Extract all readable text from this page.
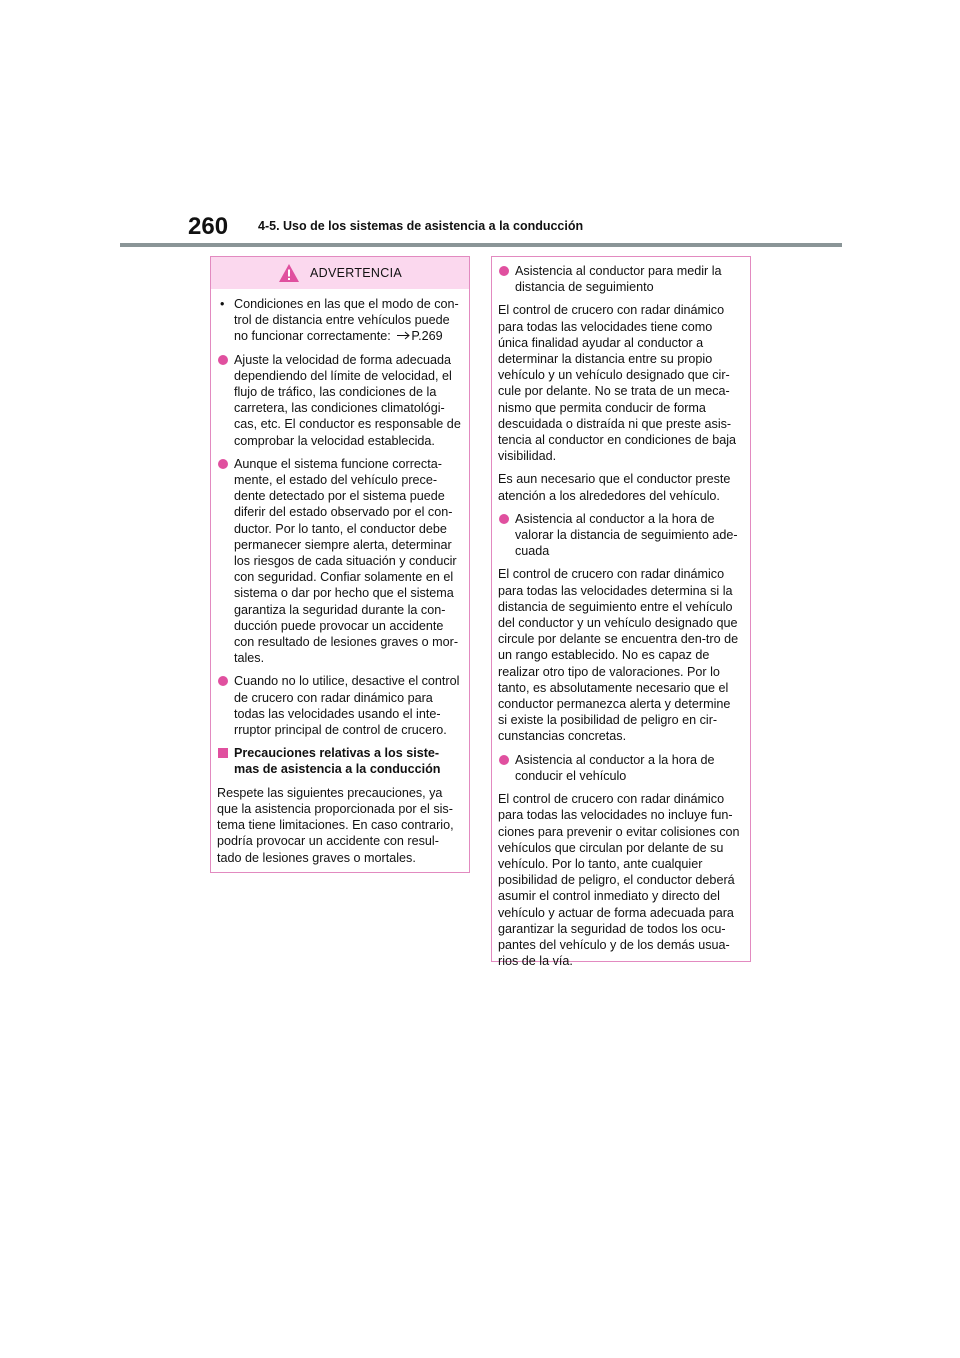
260 4-5. Uso de los sistemas de asistencia a la conducción
ADVERTENCIA
• Condiciones en las que el modo de con-trol de distancia entre vehículos puede no funcionar correctamente: P.269
Ajuste la velocidad de forma adecuada dependiendo del límite de velocidad, el flujo de tráfico, las condiciones de la carretera, las condiciones climatológi-cas, etc. El conductor es responsable de comprobar la velocidad establecida.
Aunque el sistema funcione correcta-mente, el estado del vehículo prece-dente detectado por el sistema puede diferir del estado observado por el con-ductor. Por lo tanto, el conductor debe permanecer siempre alerta, determinar los riesgos de cada situación y conducir con seguridad. Confiar solamente en el sistema o dar por hecho que el sistema garantiza la seguridad durante la con-ducción puede provocar un accidente con resultado de lesiones graves o mor-tales.
Cuando no lo utilice, desactive el control de crucero con radar dinámico para todas las velocidades usando el inte-rruptor principal de control de crucero.
Precauciones relativas a los siste-mas de asistencia a la conducción

Respete las siguientes precauciones, ya que la asistencia proporcionada por el sis-tema tiene limitaciones. En caso contrario, podría provocar un accidente con resul-tado de lesiones graves o mortales.

Asistencia al conductor para medir la distancia de seguimiento

El control de crucero con radar dinámico para todas las velocidades tiene como única finalidad ayudar al conductor a determinar la distancia entre su propio vehículo y un vehículo designado que cir-cule por delante. No se trata de un meca-nismo que permita conducir de forma descuidada o distraída ni que preste asis-tencia al conductor en condiciones de baja visibilidad.

Es aun necesario que el conductor preste atención a los alrededores del vehículo.

Asistencia al conductor a la hora de valorar la distancia de seguimiento ade-cuada

El control de crucero con radar dinámico para todas las velocidades determina si la distancia de seguimiento entre el vehículo del conductor y un vehículo designado que circule por delante se encuentra den-tro de un rango establecido. No es capaz de realizar otro tipo de valoraciones. Por lo tanto, es absolutamente necesario que el conductor permanezca alerta y determine si existe la posibilidad de peligro en cir-cunstancias concretas.

Asistencia al conductor a la hora de conducir el vehículo

El control de crucero con radar dinámico para todas las velocidades no incluye fun-ciones para prevenir o evitar colisiones con vehículos que circulan por delante de su vehículo. Por lo tanto, ante cualquier posibilidad de peligro, el conductor deberá asumir el control inmediato y directo del vehículo y actuar de forma adecuada para garantizar la seguridad de todos los ocu-pantes del vehículo y de los demás usua-rios de la vía.
